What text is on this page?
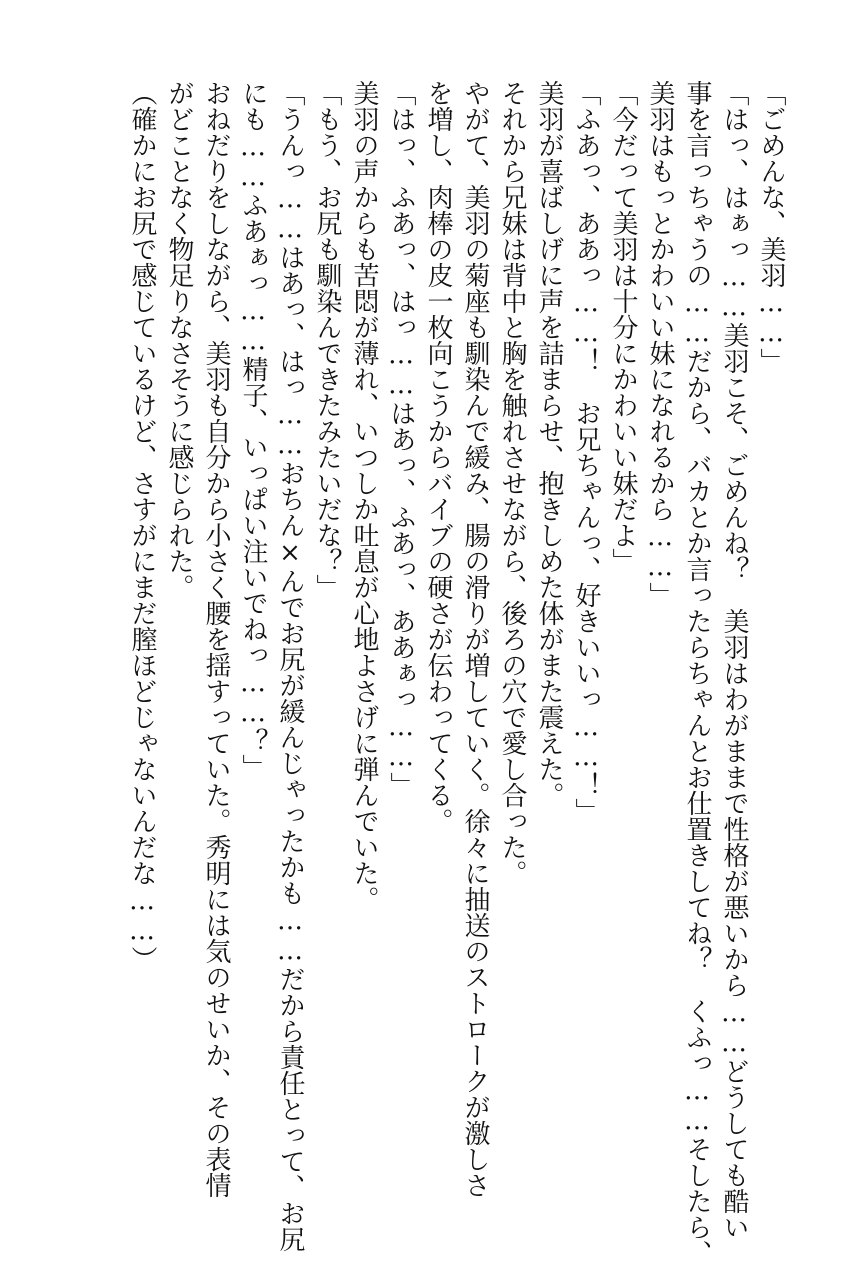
「ごめんな、美羽……」
「はっ、はぁっ……美羽こそ、ごめんね？　美羽はわがままで性格が悪いから……どうしても酷い
事を言っちゃうの……だから、バカとか言ったらちゃんとお仕置きしてね？　くふっ……そしたら、
美羽はもっとかわいい妹になれるから……」
「今だって美羽は十分にかわいい妹だよ」
「ふあっ、ああっ……！　お兄ちゃんっ、好きいいっ……！」
美羽が喜ばしげに声を詰まらせ、抱きしめた体がまた震えた。
それから兄妹は背中と胸を触れさせながら、後ろの穴で愛し合った。
やがて、美羽の菊座も馴染んで緩み、腸の滑りが増していく。徐々に抽送のストロークが激しさ
を増し、肉棒の皮一枚向こうからバイブの硬さが伝わってくる。
「はっ、ふあっ、はっ……はあっ、ふあっ、ああぁっ……」
美羽の声からも苦悶が薄れ、いつしか吐息が心地よさげに弾んでいた。
「もう、お尻も馴染んできたみたいだな？」
「うんっ……はあっ、はっ……おちん×んでお尻が緩んじゃったかも……だから責任とって、お尻
にも……ふあぁっ……精子、いっぱい注いでねっ……？」
おねだりをしながら、美羽も自分から小さく腰を揺すっていた。秀明には気のせいか、その表情
がどことなく物足りなさそうに感じられた。
（確かにお尻で感じているけど、さすがにまだ膣ほどじゃないんだな……）
